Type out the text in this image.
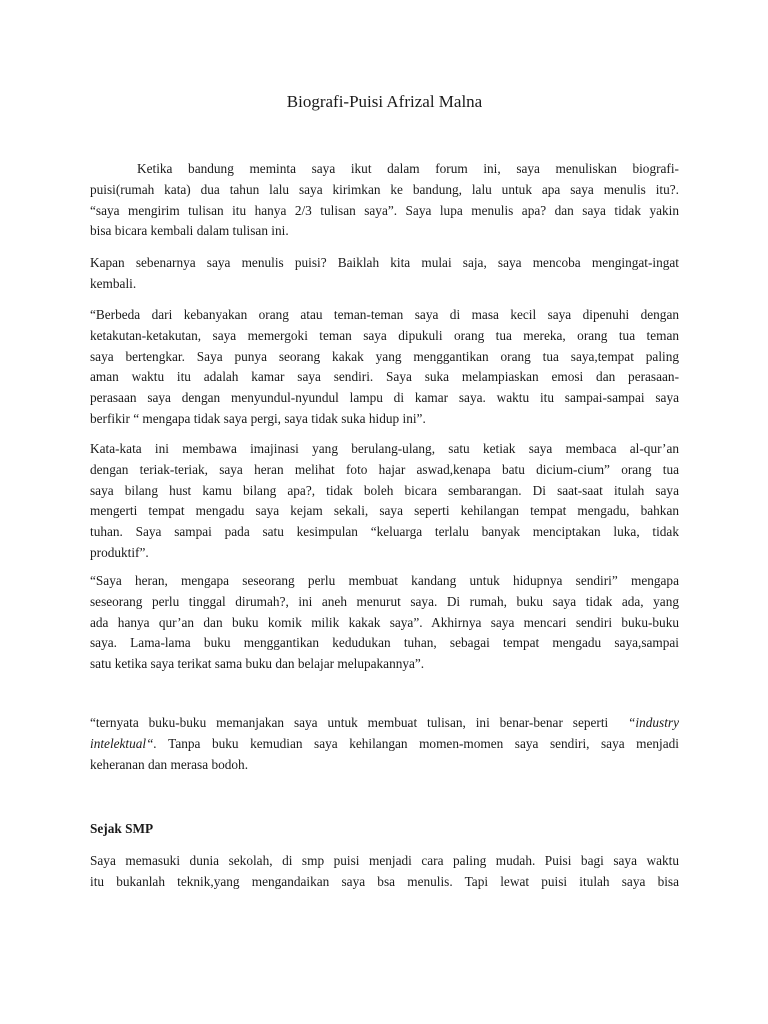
Biografi-Puisi Afrizal Malna

Ketika bandung meminta saya ikut dalam forum ini, saya menuliskan biografi-
puisi(rumah kata) dua tahun lalu saya kirimkan ke bandung, lalu untuk apa saya menulis itu?.
“saya mengirim tulisan itu hanya 2/3 tulisan saya”. Saya lupa menulis apa? dan saya tidak yakin
bisa bicara kembali dalam tulisan ini.

Kapan sebenarnya saya menulis puisi? Baiklah kita mulai saja, saya mencoba mengingat-ingat
kembali.

“Berbeda dari kebanyakan orang atau teman-teman saya di masa kecil saya dipenuhi dengan
ketakutan-ketakutan, saya memergoki teman saya dipukuli orang tua mereka, orang tua teman
saya bertengkar. Saya punya seorang kakak yang menggantikan orang tua saya,tempat paling
aman waktu itu adalah kamar saya sendiri. Saya suka melampiaskan emosi dan perasaan-
perasaan saya dengan menyundul-nyundul lampu di kamar saya. waktu itu sampai-sampai saya
berfikir “ mengapa tidak saya pergi, saya tidak suka hidup ini”.

Kata-kata ini membawa imajinasi yang berulang-ulang, satu ketiak saya membaca al-qur’an
dengan teriak-teriak, saya heran melihat foto hajar aswad,kenapa batu dicium-cium” orang tua
saya bilang hust kamu bilang apa?, tidak boleh bicara sembarangan. Di saat-saat itulah saya
mengerti tempat mengadu saya kejam sekali, saya seperti kehilangan tempat mengadu, bahkan
tuhan. Saya sampai pada satu kesimpulan “keluarga terlalu banyak menciptakan luka, tidak
produktif”.

“Saya heran, mengapa seseorang perlu membuat kandang untuk hidupnya sendiri” mengapa
seseorang perlu tinggal dirumah?, ini aneh menurut saya. Di rumah, buku saya tidak ada, yang
ada hanya qur’an dan buku komik milik kakak saya”. Akhirnya saya mencari sendiri buku-buku
saya. Lama-lama buku menggantikan kedudukan tuhan, sebagai tempat mengadu saya,sampai
satu ketika saya terikat sama buku dan belajar melupakannya”.

“ternyata buku-buku memanjakan saya untuk membuat tulisan, ini benar-benar seperti “industry
intelektual“. Tanpa buku kemudian saya kehilangan momen-momen saya sendiri, saya menjadi
keheranan dan merasa bodoh.

Sejak SMP

Saya memasuki dunia sekolah, di smp puisi menjadi cara paling mudah. Puisi bagi saya waktu
itu bukanlah teknik,yang mengandaikan saya bsa menulis. Tapi lewat puisi itulah saya bisa
